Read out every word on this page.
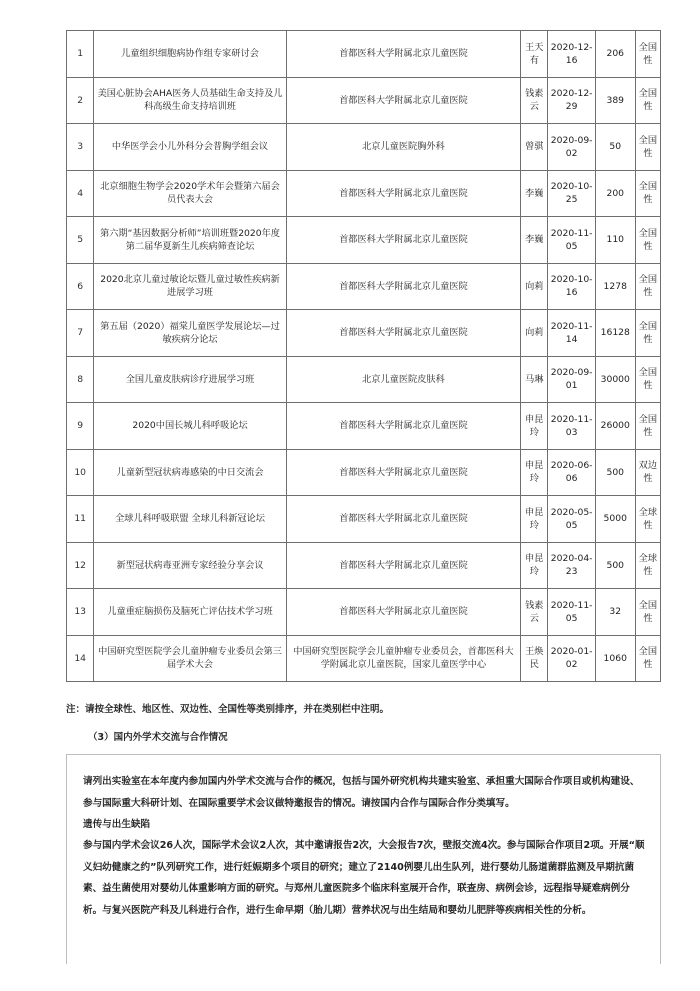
1	儿童组织细胞病协作组专家研讨会	首都医科大学附属北京儿童医院	王天有	2020-12-16	206	全国性
2	美国心脏协会AHA医务人员基础生命支持及儿科高级生命支持培训班	首都医科大学附属北京儿童医院	钱素云	2020-12-29	389	全国性
3	中华医学会小儿外科分会普胸学组会议	北京儿童医院胸外科	曾骐	2020-09-02	50	全国性
4	北京细胞生物学会2020学术年会暨第六届会员代表大会	首都医科大学附属北京儿童医院	李巍	2020-10-25	200	全国性
5	第六期“基因数据分析师”培训班暨2020年度第二届华夏新生儿疾病筛查论坛	首都医科大学附属北京儿童医院	李巍	2020-11-05	110	全国性
6	2020北京儿童过敏论坛暨儿童过敏性疾病新进展学习班	首都医科大学附属北京儿童医院	向莉	2020-10-16	1278	全国性
7	第五届（2020）福棠儿童医学发展论坛—过敏疾病分论坛	首都医科大学附属北京儿童医院	向莉	2020-11-14	16128	全国性
8	全国儿童皮肤病诊疗进展学习班	北京儿童医院皮肤科	马琳	2020-09-01	30000	全国性
9	2020中国长城儿科呼吸论坛	首都医科大学附属北京儿童医院	申昆玲	2020-11-03	26000	全国性
10	儿童新型冠状病毒感染的中日交流会	首都医科大学附属北京儿童医院	申昆玲	2020-06-06	500	双边性
11	全球儿科呼吸联盟 全球儿科新冠论坛	首都医科大学附属北京儿童医院	申昆玲	2020-05-05	5000	全球性
12	新型冠状病毒亚洲专家经验分享会议	首都医科大学附属北京儿童医院	申昆玲	2020-04-23	500	全球性
13	儿童重症脑损伤及脑死亡评估技术学习班	首都医科大学附属北京儿童医院	钱素云	2020-11-05	32	全国性
14	中国研究型医院学会儿童肿瘤专业委员会第三届学术大会	中国研究型医院学会儿童肿瘤专业委员会，首都医科大学附属北京儿童医院，国家儿童医学中心	王焕民	2020-01-02	1060	全国性
注：请按全球性、地区性、双边性、全国性等类别排序，并在类别栏中注明。
（3）国内外学术交流与合作情况
请列出实验室在本年度内参加国内外学术交流与合作的概况，包括与国外研究机构共建实验室、承担重大国际合作项目或机构建设、参与国际重大科研计划、在国际重要学术会议做特邀报告的情况。请按国内合作与国际合作分类填写。
遗传与出生缺陷
参与国内学术会议26人次，国际学术会议2人次，其中邀请报告2次，大会报告7次，壁报交流4次。参与国际合作项目2项。开展“顺义妇幼健康之约”队列研究工作，进行妊娠期多个项目的研究；建立了2140例婴儿出生队列，进行婴幼儿肠道菌群监测及早期抗菌素、益生菌使用对婴幼儿体重影响方面的研究。与郑州儿童医院多个临床科室展开合作，联查房、病例会诊，远程指导疑难病例分析。与复兴医院产科及儿科进行合作，进行生命早期（胎儿期）营养状况与出生结局和婴幼儿肥胖等疾病相关性的分析。
